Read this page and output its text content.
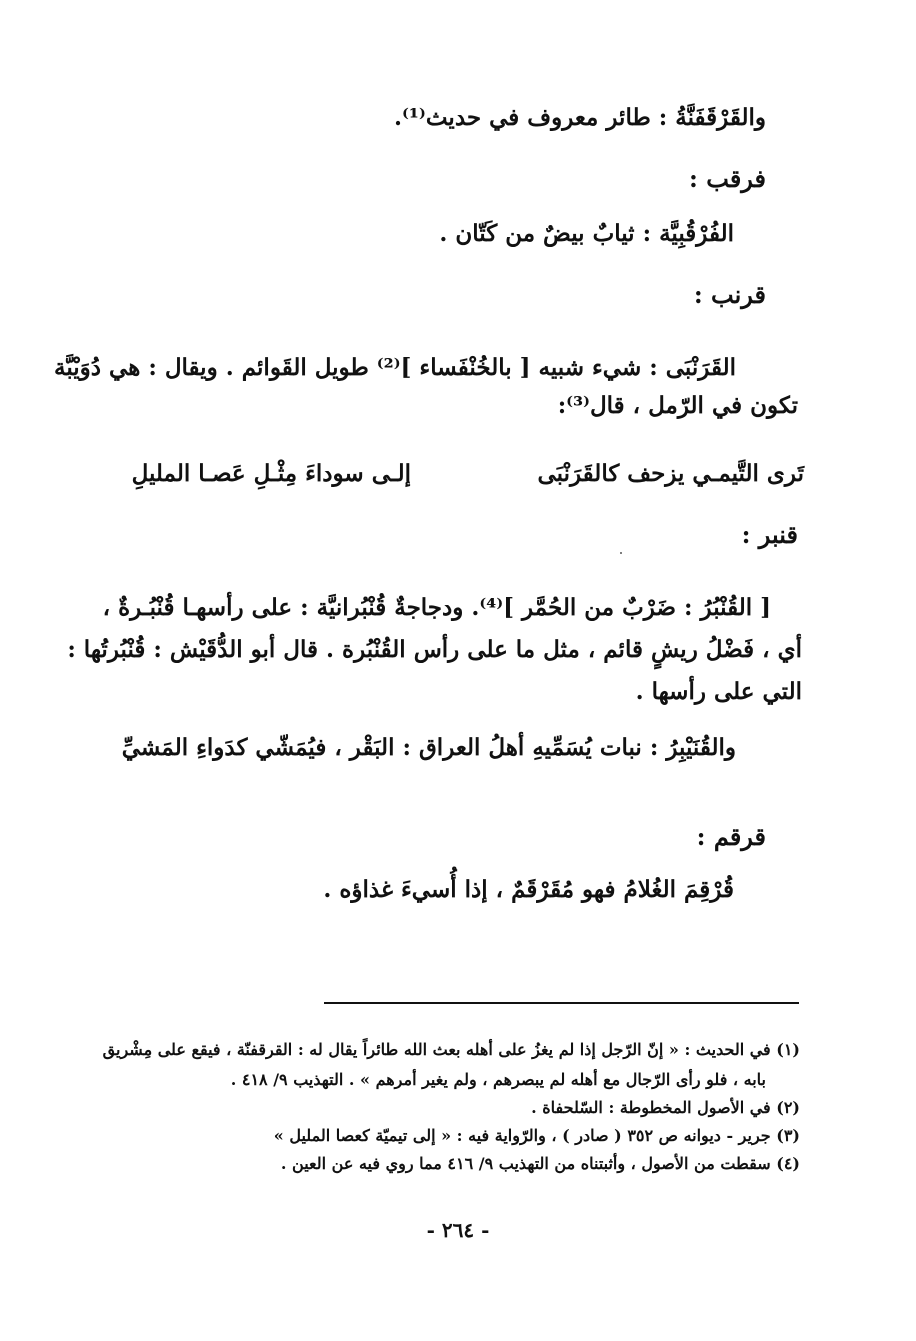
والقَرْقَفَنَّةُ : طائر معروف في حديث⁽¹⁾.
فرقب :
الفُرْقُبِيَّة : ثيابٌ بيضٌ من كَتّان .
قرنب :
القَرَنْبَى : شيء شبيه [ بالخُنْفَساء ]⁽²⁾ طويل القَوائم . ويقال : هي دُوَيْبَّة
تكون في الرّمل ، قال⁽³⁾:
تَرى التَّيمـي يزحف كالقَرَنْبَى
إلـى سوداءَ مِثْـلِ عَصـا المليلِ
قنبر :
[ القُنْبُرُ : ضَرْبٌ من الحُمَّر ]⁽⁴⁾. ودجاجةٌ قُنْبُرانيَّة : على رأسهـا قُنْبُـرةٌ ،
أي ، فَضْلُ ريشٍ قائم ، مثل ما على رأس القُنْبُرة . قال أبو الدُّقَيْش : قُنْبُرتُها :
التي على رأسها .
والقُنَيْبِرُ : نبات يُسَمِّيهِ أهلُ العراق : البَقْر ، فيُمَشّي كدَواءِ المَشيِّ
قرقم :
قُرْقِمَ الغُلامُ فهو مُقَرْقَمٌ ، إذا أُسيءَ غذاؤه .
(١) في الحديث : « إنّ الرّجل إذا لم يغزُ على أهله بعث الله طائراً يقال له : القرقفنّة ، فيقع على مِشْريق
بابه ، فلو رأى الرّجال مع أهله لم يبصرهم ، ولم يغير أمرهم » . التهذيب ٩/ ٤١٨ .
(٢) في الأصول المخطوطة : السّلحفاة .
(٣) جرير - ديوانه ص ٣٥٢ ( صادر ) ، والرّواية فيه : « إلى تيميّة كعصا المليل »
(٤) سقطت من الأصول ، وأثبتناه من التهذيب ٩/ ٤١٦ مما روي فيه عن العين .
- ٢٦٤ -
